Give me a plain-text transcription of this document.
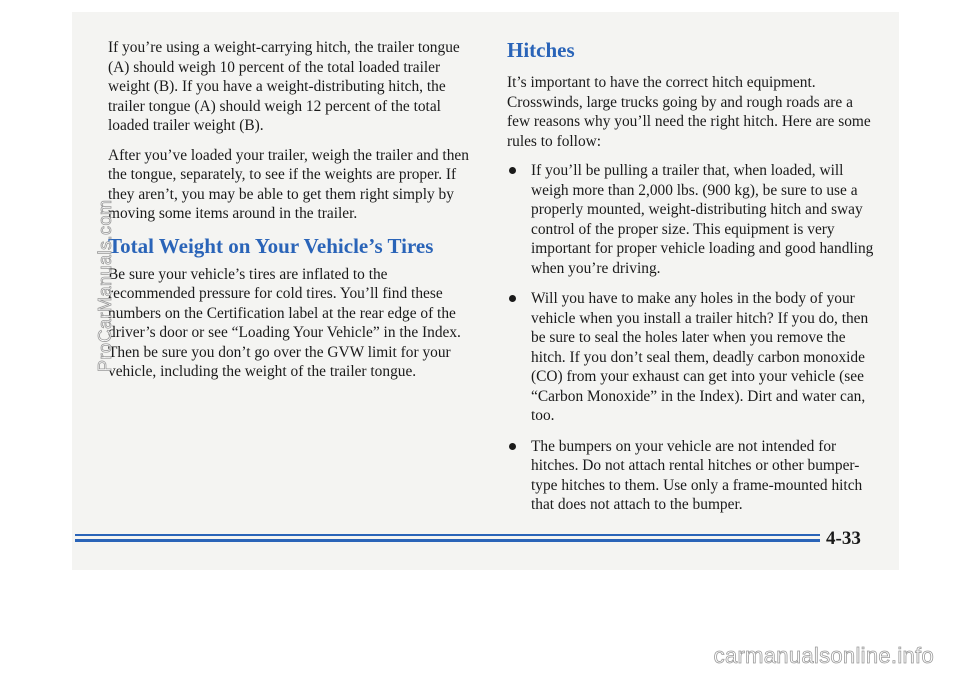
If you’re using a weight-carrying hitch, the trailer tongue (A) should weigh 10 percent of the total loaded trailer weight (B). If you have a weight-distributing hitch, the trailer tongue (A) should weigh 12 percent of the total loaded trailer weight (B).

After you’ve loaded your trailer, weigh the trailer and then the tongue, separately, to see if the weights are proper. If they aren’t, you may be able to get them right simply by moving some items around in the trailer.

Total Weight on Your Vehicle’s Tires

Be sure your vehicle’s tires are inflated to the recommended pressure for cold tires. You’ll find these numbers on the Certification label at the rear edge of the driver’s door or see “Loading Your Vehicle” in the Index. Then be sure you don’t go over the GVW limit for your vehicle, including the weight of the trailer tongue.

Hitches

It’s important to have the correct hitch equipment. Crosswinds, large trucks going by and rough roads are a few reasons why you’ll need the right hitch. Here are some rules to follow:

If you’ll be pulling a trailer that, when loaded, will weigh more than 2,000 lbs. (900 kg), be sure to use a properly mounted, weight-distributing hitch and sway control of the proper size. This equipment is very important for proper vehicle loading and good handling when you’re driving.
Will you have to make any holes in the body of your vehicle when you install a trailer hitch? If you do, then be sure to seal the holes later when you remove the hitch. If you don’t seal them, deadly carbon monoxide (CO) from your exhaust can get into your vehicle (see “Carbon Monoxide” in the Index). Dirt and water can, too.
The bumpers on your vehicle are not intended for hitches. Do not attach rental hitches or other bumper-type hitches to them. Use only a frame-mounted hitch that does not attach to the bumper.
4-33
ProCarManuals.com
carmanualsonline.info
